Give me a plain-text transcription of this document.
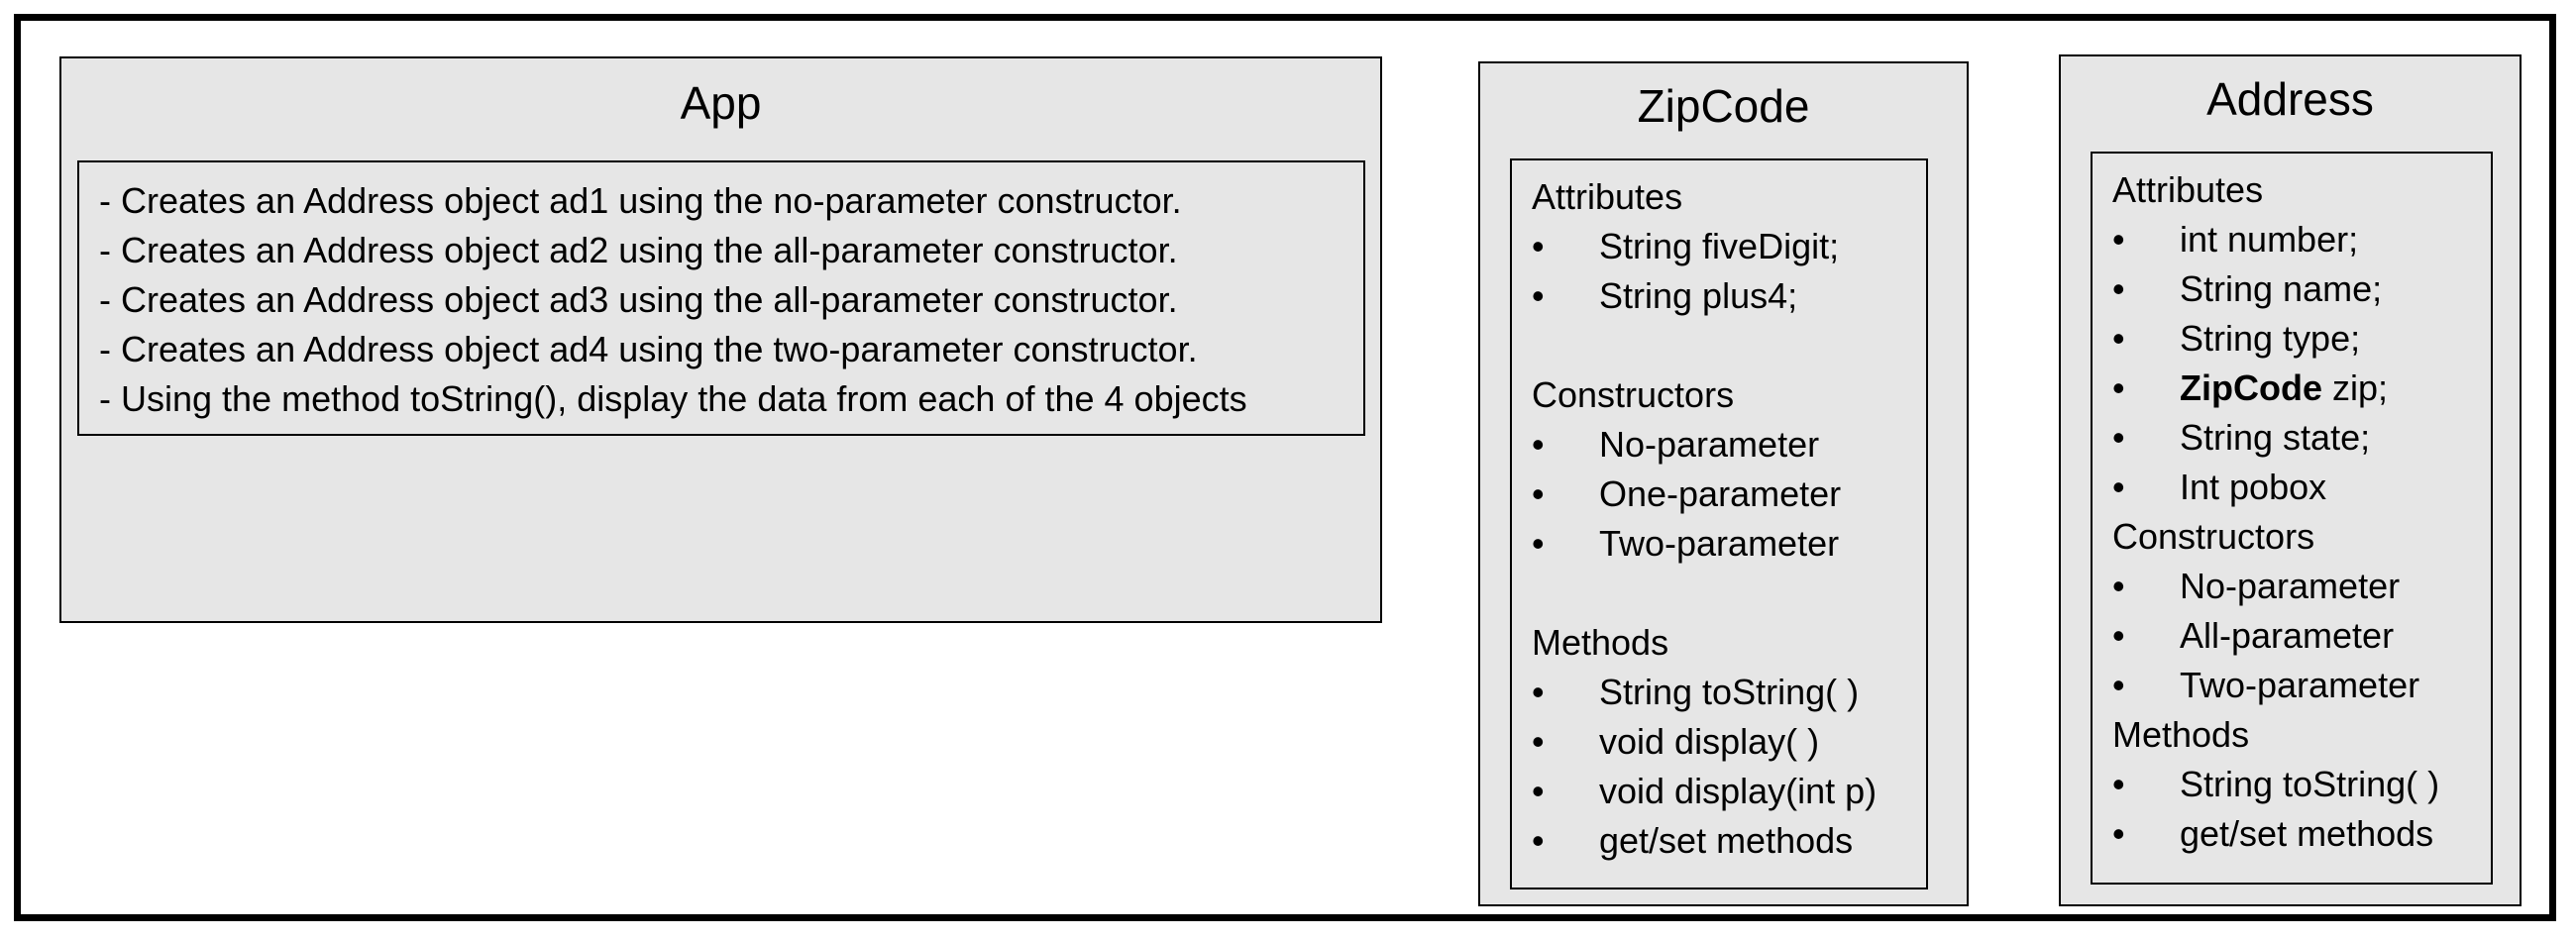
App
- Creates an Address object ad1 using the no-parameter constructor.
- Creates an Address object ad2 using the all-parameter constructor.
- Creates an Address object ad3 using the all-parameter constructor.
- Creates an Address object ad4 using the two-parameter constructor.
- Using the method toString(), display the data from each of the 4 objects
ZipCode
Attributes
• String fiveDigit;
• String plus4;
Constructors
• No-parameter
• One-parameter
• Two-parameter
Methods
• String toString( )
• void display( )
• void display(int p)
• get/set methods
Address
Attributes
• int number;
• String name;
• String type;
• ZipCode zip;
• String state;
• Int pobox
Constructors
• No-parameter
• All-parameter
• Two-parameter
Methods
• String toString( )
• get/set methods
